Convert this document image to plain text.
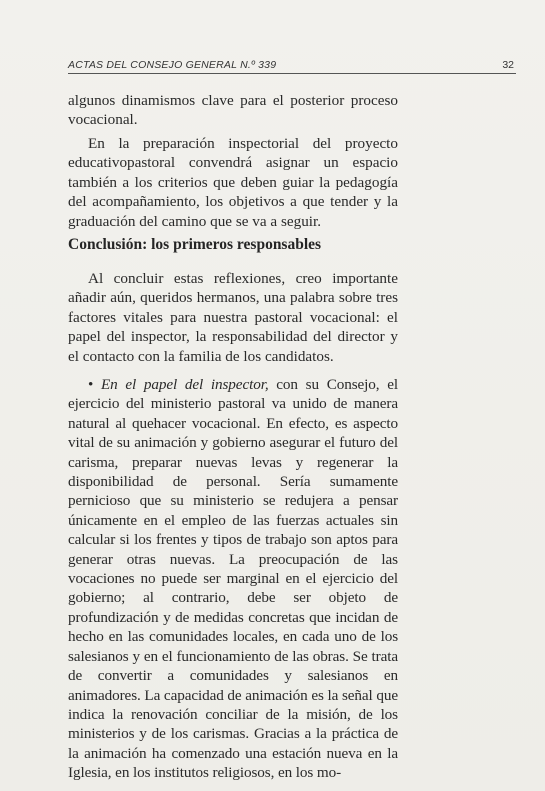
ACTAS DEL CONSEJO GENERAL N.º 339	32

algunos dinamismos clave para el posterior proceso vocacional.

En la preparación inspectorial del proyecto educativopastoral convendrá asignar un espacio también a los criterios que deben guiar la pedagogía del acompañamiento, los objetivos a que tender y la graduación del camino que se va a seguir.

Conclusión: los primeros responsables

Al concluir estas reflexiones, creo importante añadir aún, queridos hermanos, una palabra sobre tres factores vitales para nuestra pastoral vocacional: el papel del inspector, la responsabilidad del director y el contacto con la familia de los candidatos.

• En el papel del inspector, con su Consejo, el ejercicio del ministerio pastoral va unido de manera natural al quehacer vocacional. En efecto, es aspecto vital de su animación y gobierno asegurar el futuro del carisma, preparar nuevas levas y regenerar la disponibilidad de personal. Sería sumamente pernicioso que su ministerio se redujera a pensar únicamente en el empleo de las fuerzas actuales sin calcular si los frentes y tipos de trabajo son aptos para generar otras nuevas. La preocupación de las vocaciones no puede ser marginal en el ejercicio del gobierno; al contrario, debe ser objeto de profundización y de medidas concretas que incidan de hecho en las comunidades locales, en cada uno de los salesianos y en el funcionamiento de las obras. Se trata de convertir a comunidades y salesianos en animadores. La capacidad de animación es la señal que indica la renovación conciliar de la misión, de los ministerios y de los carismas. Gracias a la práctica de la animación ha comenzado una estación nueva en la Iglesia, en los institutos religiosos, en los mo-
